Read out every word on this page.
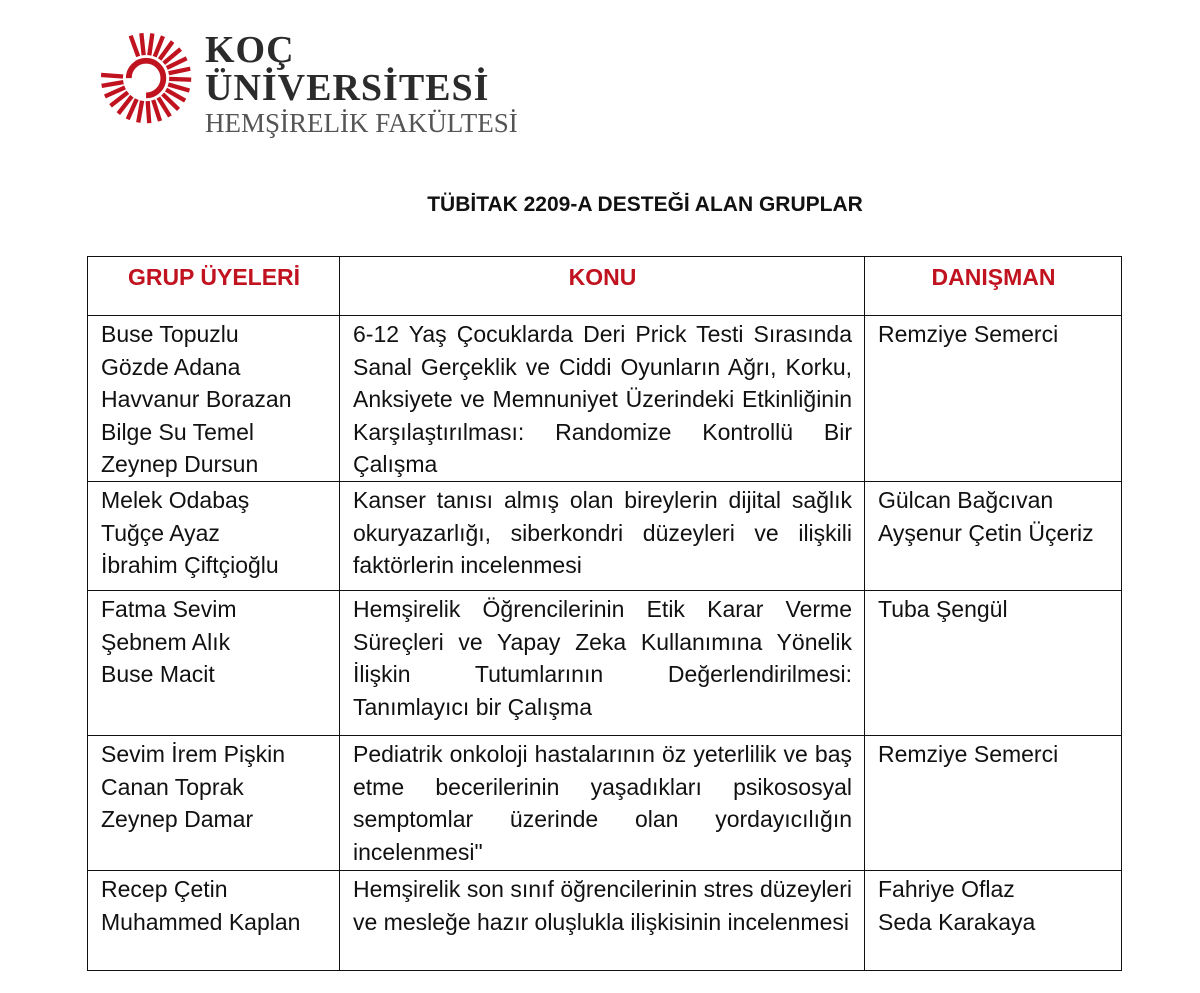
KOÇ
ÜNİVERSİTESİ
HEMŞİRELİK FAKÜLTESİ
TÜBİTAK 2209-A DESTEĞİ ALAN GRUPLAR
GRUP ÜYELERİ	KONU	DANIŞMAN

Buse Topuzlu
Gözde Adana
Havvanur Borazan
Bilge Su Temel
Zeynep Dursun	6-12 Yaş Çocuklarda Deri Prick Testi Sırasında Sanal Gerçeklik ve Ciddi Oyunların Ağrı, Korku, Anksiyete ve Memnuniyet Üzerindeki Etkinliğinin Karşılaştırılması: Randomize Kontrollü Bir Çalışma	Remziye Semerci

Melek Odabaş
Tuğçe Ayaz
İbrahim Çiftçioğlu	Kanser tanısı almış olan bireylerin dijital sağlık okuryazarlığı, siberkondri düzeyleri ve ilişkili faktörlerin incelenmesi	Gülcan Bağcıvan
Ayşenur Çetin Üçeriz

Fatma Sevim
Şebnem Alık
Buse Macit	Hemşirelik Öğrencilerinin Etik Karar Verme Süreçleri ve Yapay Zeka Kullanımına Yönelik İlişkin Tutumlarının Değerlendirilmesi: Tanımlayıcı bir Çalışma	Tuba Şengül

Sevim İrem Pişkin
Canan Toprak
Zeynep Damar	Pediatrik onkoloji hastalarının öz yeterlilik ve baş etme becerilerinin yaşadıkları psikososyal semptomlar üzerinde olan yordayıcılığın incelenmesi"	Remziye Semerci

Recep Çetin
Muhammed Kaplan	Hemşirelik son sınıf öğrencilerinin stres düzeyleri ve mesleğe hazır oluşlukla ilişkisinin incelenmesi	Fahriye Oflaz
Seda Karakaya
